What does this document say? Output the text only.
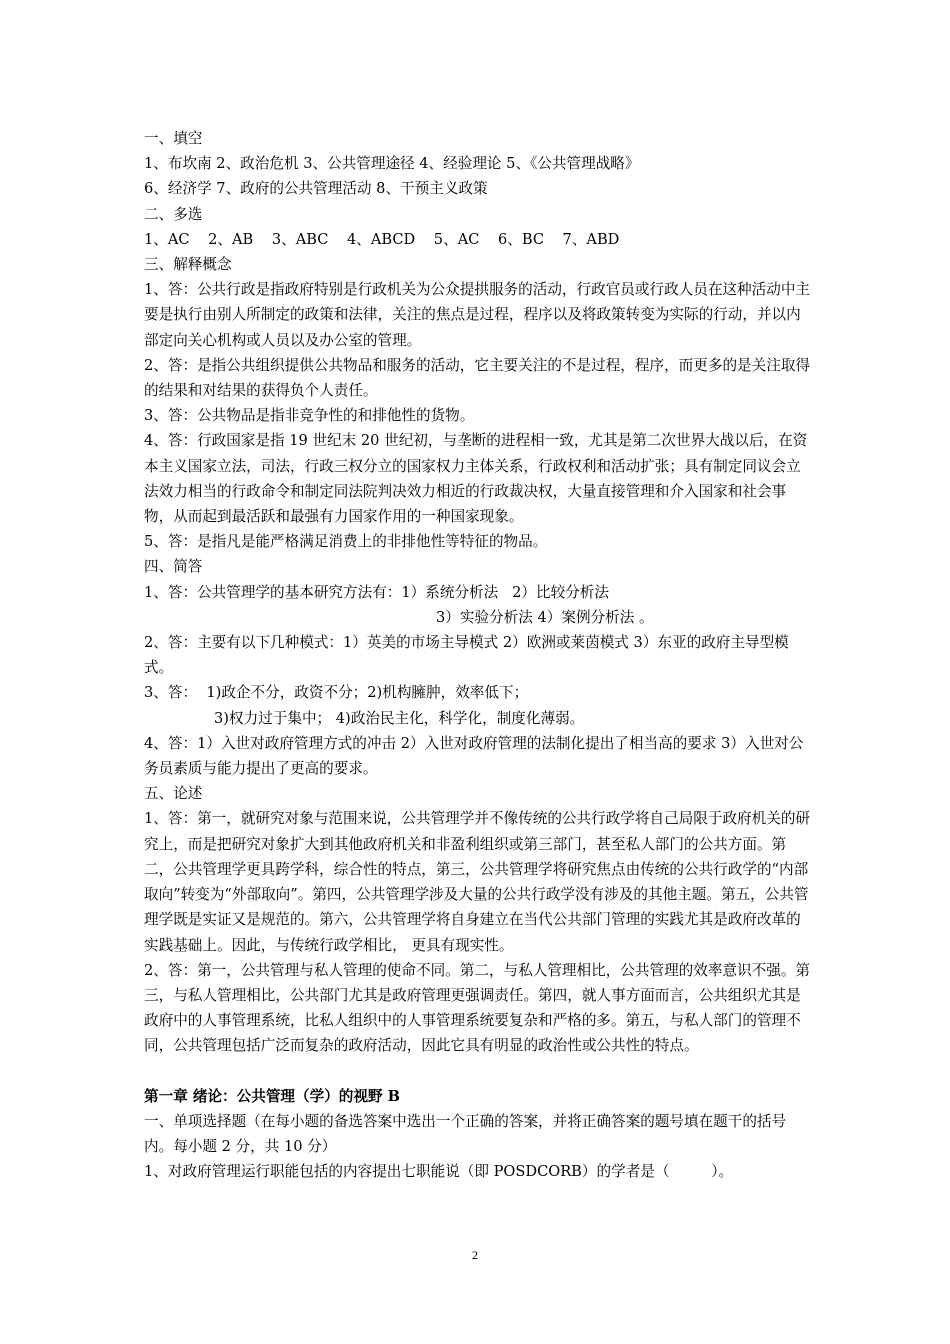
一、填空

1、布坎南 2、政治危机 3、公共管理途径 4、经验理论 5、《公共管理战略》

6、经济学 7、政府的公共管理活动 8、干预主义政策

二、多选

1、AC    2、AB    3、ABC    4、ABCD    5、AC    6、BC    7、ABD

三、解释概念

1、答：公共行政是指政府特别是行政机关为公众提拱服务的活动，行政官员或行政人员在这种活动中主要是执行由别人所制定的政策和法律，关注的焦点是过程，程序以及将政策转变为实际的行动，并以内部定向关心机构或人员以及办公室的管理。

2、答：是指公共组织提供公共物品和服务的活动，它主要关注的不是过程，程序，而更多的是关注取得的结果和对结果的获得负个人责任。

3、答：公共物品是指非竞争性的和排他性的货物。

4、答：行政国家是指 19 世纪末 20 世纪初，与垄断的进程相一致，尤其是第二次世界大战以后，在资本主义国家立法，司法，行政三权分立的国家权力主体关系，行政权利和活动扩张；具有制定同议会立法效力相当的行政命令和制定同法院判决效力相近的行政裁决权，大量直接管理和介入国家和社会事物，从而起到最活跃和最强有力国家作用的一种国家现象。

5、答：是指凡是能严格满足消费上的非排他性等特征的物品。

四、简答

1、答：公共管理学的基本研究方法有：1）系统分析法   2）比较分析法

3）实验分析法 4）案例分析法 。

2、答：主要有以下几种模式：1）英美的市场主导模式 2）欧洲或莱茵模式 3）东亚的政府主导型模式。

3、答：  1)政企不分，政资不分；2)机构臃肿，效率低下；

3)权力过于集中； 4)政治民主化，科学化，制度化薄弱。

4、答：1）入世对政府管理方式的冲击 2）入世对政府管理的法制化提出了相当高的要求 3）入世对公务员素质与能力提出了更高的要求。

五、论述

1、答：第一，就研究对象与范围来说，公共管理学并不像传统的公共行政学将自己局限于政府机关的研究上，而是把研究对象扩大到其他政府机关和非盈利组织或第三部门，甚至私人部门的公共方面。第二，公共管理学更具跨学科，综合性的特点，第三，公共管理学将研究焦点由传统的公共行政学的“内部取向”转变为“外部取向”。第四，公共管理学涉及大量的公共行政学没有涉及的其他主题。第五，公共管理学既是实证又是规范的。第六，公共管理学将自身建立在当代公共部门管理的实践尤其是政府改革的实践基础上。因此，与传统行政学相比， 更具有现实性。

2、答：第一，公共管理与私人管理的使命不同。第二，与私人管理相比，公共管理的效率意识不强。第三，与私人管理相比，公共部门尤其是政府管理更强调责任。第四，就人事方面而言，公共组织尤其是政府中的人事管理系统，比私人组织中的人事管理系统要复杂和严格的多。第五，与私人部门的管理不同，公共管理包括广泛而复杂的政府活动，因此它具有明显的政治性或公共性的特点。

第一章 绪论：公共管理（学）的视野 B

一、单项选择题（在每小题的备选答案中选出一个正确的答案，并将正确答案的题号填在题干的括号内。每小题 2 分，共 10 分）

1、对政府管理运行职能包括的内容提出七职能说（即 POSDCORB）的学者是（         ）。

2
